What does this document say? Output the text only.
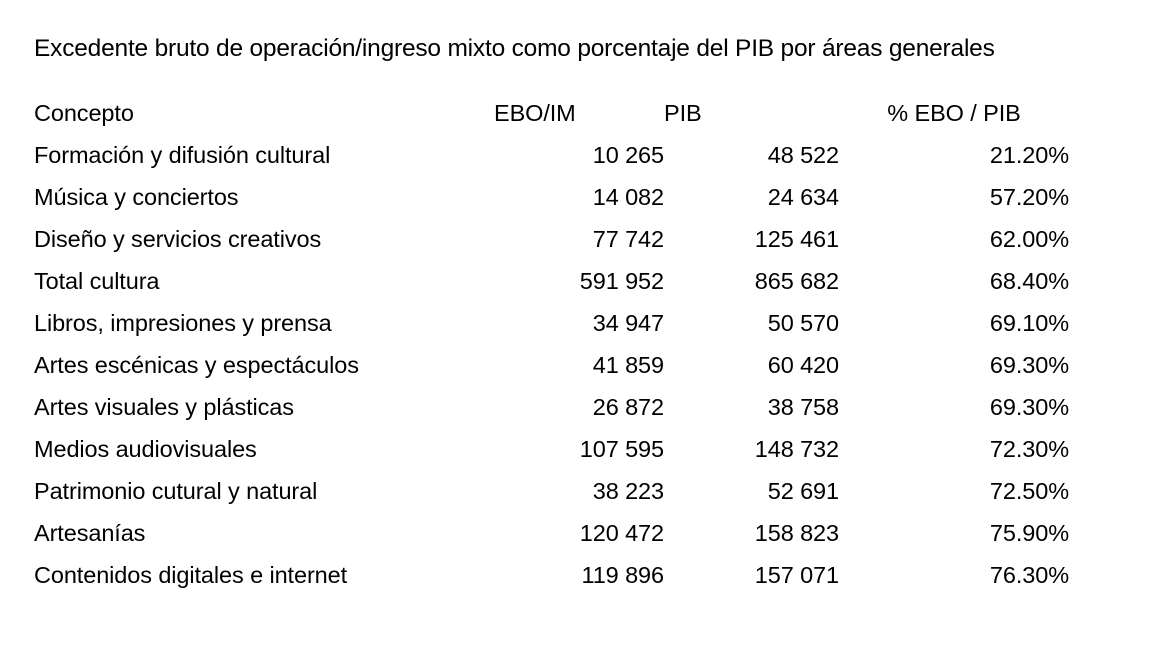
Excedente bruto de operación/ingreso mixto como porcentaje del PIB por áreas generales
Concepto	EBO/IM	PIB	% EBO / PIB
Formación y difusión cultural	10 265	48 522	21.20%
Música y conciertos	14 082	24 634	57.20%
Diseño y servicios creativos	77 742	125 461	62.00%
Total cultura	591 952	865 682	68.40%
Libros, impresiones y prensa	34 947	50 570	69.10%
Artes escénicas y espectáculos	41 859	60 420	69.30%
Artes visuales y plásticas	26 872	38 758	69.30%
Medios audiovisuales	107 595	148 732	72.30%
Patrimonio cutural y natural	38 223	52 691	72.50%
Artesanías	120 472	158 823	75.90%
Contenidos digitales e internet	119 896	157 071	76.30%
